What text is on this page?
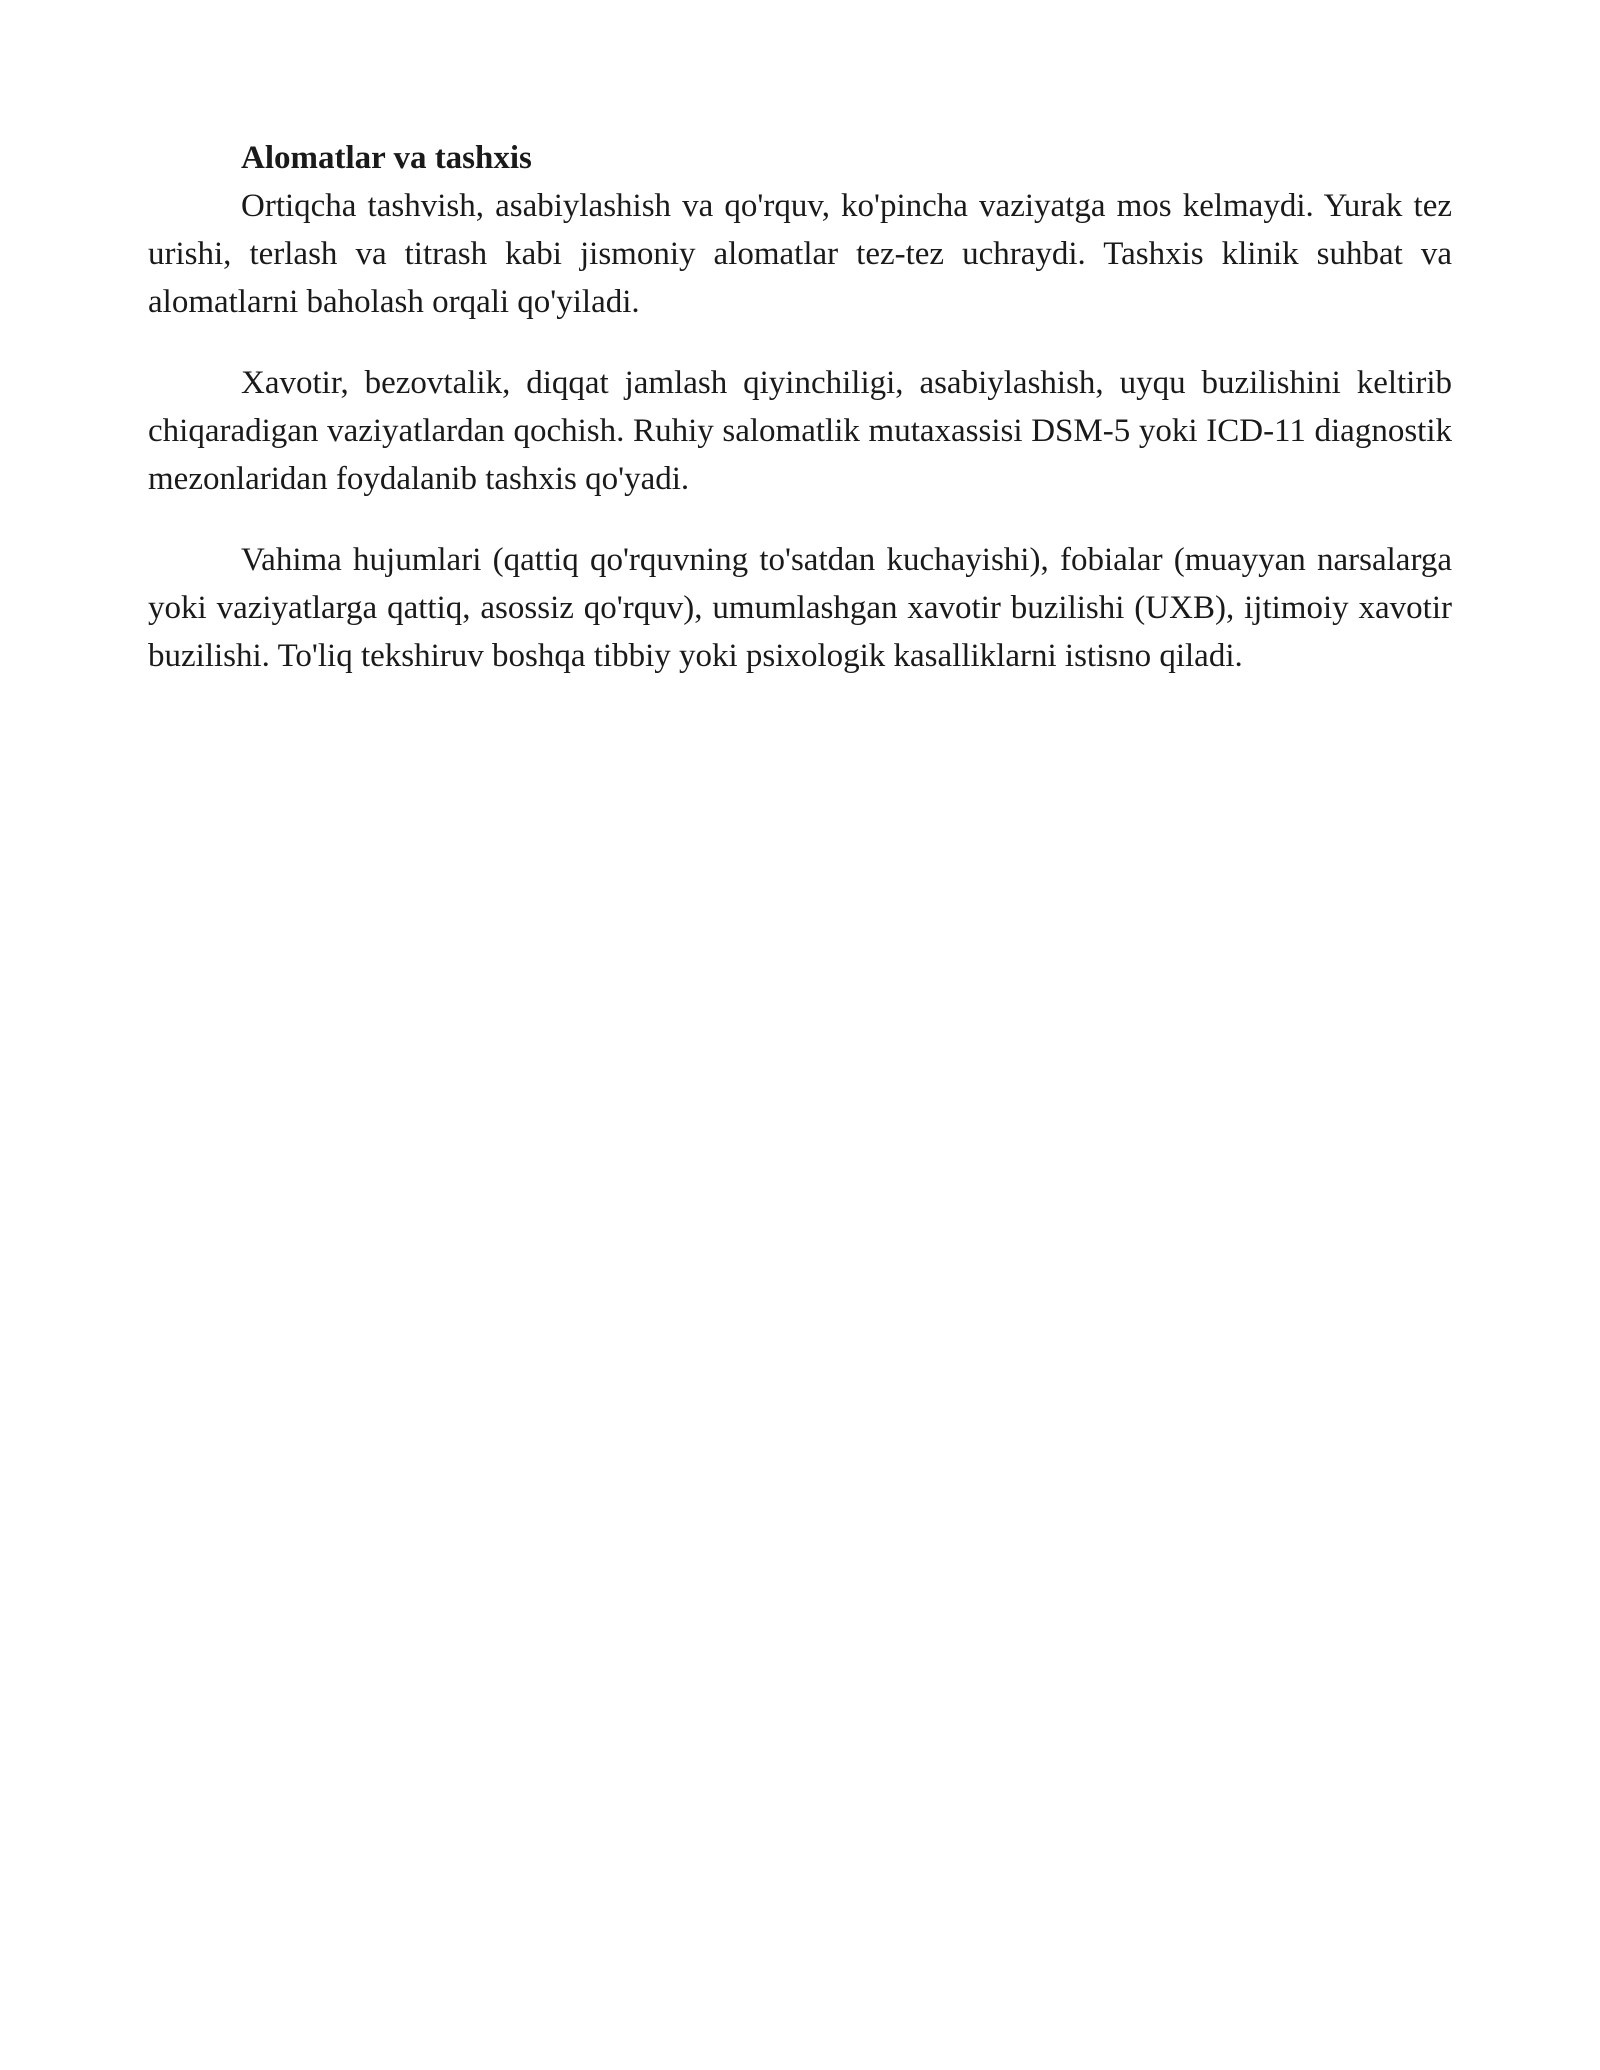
Alomatlar va tashxis

Ortiqcha tashvish, asabiylashish va qo'rquv, ko'pincha vaziyatga mos kelmaydi. Yurak tez urishi, terlash va titrash kabi jismoniy alomatlar tez-tez uchraydi. Tashxis klinik suhbat va alomatlarni baholash orqali qo'yiladi.

Xavotir, bezovtalik, diqqat jamlash qiyinchiligi, asabiylashish, uyqu buzilishini keltirib chiqaradigan vaziyatlardan qochish. Ruhiy salomatlik mutaxassisi DSM-5 yoki ICD-11 diagnostik mezonlaridan foydalanib tashxis qo'yadi.

Vahima hujumlari (qattiq qo'rquvning to'satdan kuchayishi), fobialar (muayyan narsalarga yoki vaziyatlarga qattiq, asossiz qo'rquv), umumlashgan xavotir buzilishi (UXB), ijtimoiy xavotir buzilishi. To'liq tekshiruv boshqa tibbiy yoki psixologik kasalliklarni istisno qiladi.
